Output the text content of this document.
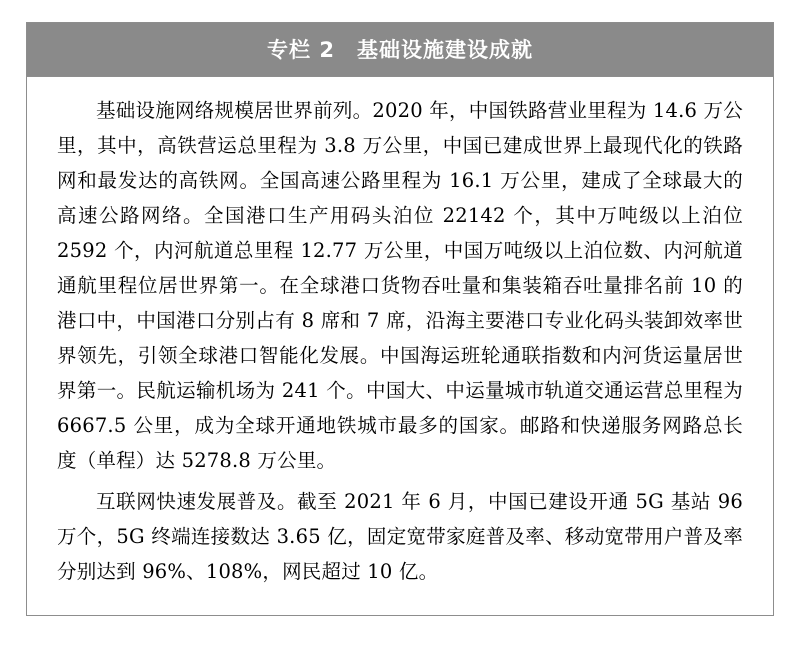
专栏 2 基础设施建设成就

基础设施网络规模居世界前列。2020 年，中国铁路营业里程为 14.6 万公里，其中，高铁营运总里程为 3.8 万公里，中国已建成世界上最现代化的铁路网和最发达的高铁网。全国高速公路里程为 16.1 万公里，建成了全球最大的高速公路网络。全国港口生产用码头泊位 22142 个，其中万吨级以上泊位 2592 个，内河航道总里程 12.77 万公里，中国万吨级以上泊位数、内河航道通航里程位居世界第一。在全球港口货物吞吐量和集装箱吞吐量排名前 10 的港口中，中国港口分别占有 8 席和 7 席，沿海主要港口专业化码头装卸效率世界领先，引领全球港口智能化发展。中国海运班轮通联指数和内河货运量居世界第一。民航运输机场为 241 个。中国大、中运量城市轨道交通运营总里程为 6667.5 公里，成为全球开通地铁城市最多的国家。邮路和快递服务网路总长度（单程）达 5278.8 万公里。

互联网快速发展普及。截至 2021 年 6 月，中国已建设开通 5G 基站 96 万个，5G 终端连接数达 3.65 亿，固定宽带家庭普及率、移动宽带用户普及率分别达到 96%、108%，网民超过 10 亿。
